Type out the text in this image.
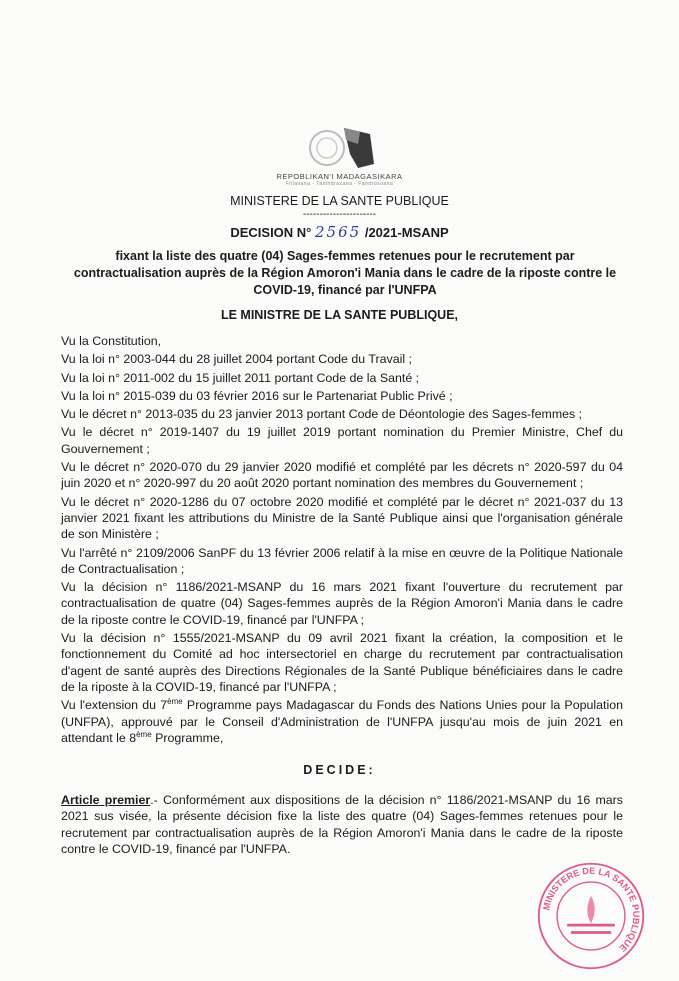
REPOBLIKAN'I MADAGASIKARA
Fitiavana - Tanindrazana - Fandrosoana
MINISTERE DE LA SANTE PUBLIQUE
----------------------
DECISION N° 2565 /2021-MSANP
fixant la liste des quatre (04) Sages-femmes retenues pour le recrutement par contractualisation auprès de la Région Amoron'i Mania dans le cadre de la riposte contre le COVID-19, financé par l'UNFPA
LE MINISTRE DE LA SANTE PUBLIQUE,

Vu la Constitution,

Vu la loi n° 2003-044 du 28 juillet 2004 portant Code du Travail ;

Vu la loi n° 2011-002 du 15 juillet 2011 portant Code de la Santé ;

Vu la loi n° 2015-039 du 03 février 2016 sur le Partenariat Public Privé ;

Vu le décret n° 2013-035 du 23 janvier 2013 portant Code de Déontologie des Sages-femmes ;

Vu le décret n° 2019-1407 du 19 juillet 2019 portant nomination du Premier Ministre, Chef du Gouvernement ;

Vu le décret n° 2020-070 du 29 janvier 2020 modifié et complété par les décrets n° 2020-597 du 04 juin 2020 et n° 2020-997 du 20 août 2020 portant nomination des membres du Gouvernement ;

Vu le décret n° 2020-1286 du 07 octobre 2020 modifié et complété par le décret n° 2021-037 du 13 janvier 2021 fixant les attributions du Ministre de la Santé Publique ainsi que l'organisation générale de son Ministère ;

Vu l'arrêté n° 2109/2006 SanPF du 13 février 2006 relatif à la mise en œuvre de la Politique Nationale de Contractualisation ;

Vu la décision n° 1186/2021-MSANP du 16 mars 2021 fixant l'ouverture du recrutement par contractualisation de quatre (04) Sages-femmes auprès de la Région Amoron'i Mania dans le cadre de la riposte contre le COVID-19, financé par l'UNFPA ;

Vu la décision n° 1555/2021-MSANP du 09 avril 2021 fixant la création, la composition et le fonctionnement du Comité ad hoc intersectoriel en charge du recrutement par contractualisation d'agent de santé auprès des Directions Régionales de la Santé Publique bénéficiaires dans le cadre de la riposte à la COVID-19, financé par l'UNFPA ;

Vu l'extension du 7ème Programme pays Madagascar du Fonds des Nations Unies pour la Population (UNFPA), approuvé par le Conseil d'Administration de l'UNFPA jusqu'au mois de juin 2021 en attendant le 8ème Programme,

DECIDE:
Article premier.- Conformément aux dispositions de la décision n° 1186/2021-MSANP du 16 mars 2021 sus visée, la présente décision fixe la liste des quatre (04) Sages-femmes retenues pour le recrutement par contractualisation auprès de la Région Amoron'i Mania dans le cadre de la riposte contre le COVID-19, financé par l'UNFPA.
MINISTERE DE LA SANTE PUBLIQUE
